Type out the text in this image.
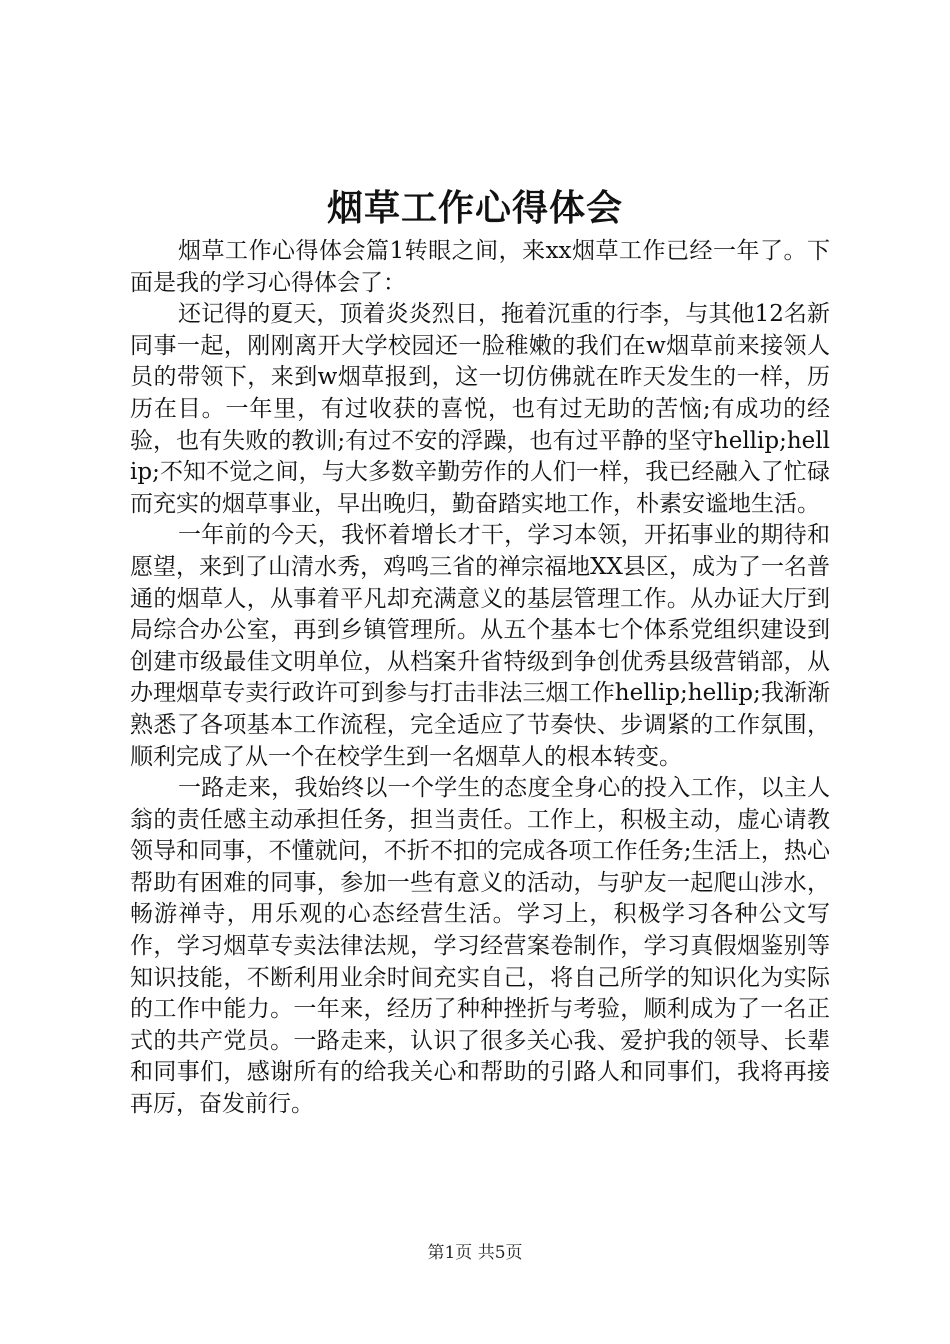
烟草工作心得体会

烟草工作心得体会篇1转眼之间，来xx烟草工作已经一年了。下面是我的学习心得体会了：

还记得的夏天，顶着炎炎烈日，拖着沉重的行李，与其他12名新同事一起，刚刚离开大学校园还一脸稚嫩的我们在w烟草前来接领人员的带领下，来到w烟草报到，这一切仿佛就在昨天发生的一样，历历在目。一年里，有过收获的喜悦，也有过无助的苦恼;有成功的经验，也有失败的教训;有过不安的浮躁，也有过平静的坚守hellip;hellip;不知不觉之间，与大多数辛勤劳作的人们一样，我已经融入了忙碌而充实的烟草事业，早出晚归，勤奋踏实地工作，朴素安谧地生活。

一年前的今天，我怀着增长才干，学习本领，开拓事业的期待和愿望，来到了山清水秀，鸡鸣三省的禅宗福地XX县区，成为了一名普通的烟草人，从事着平凡却充满意义的基层管理工作。从办证大厅到局综合办公室，再到乡镇管理所。从五个基本七个体系党组织建设到创建市级最佳文明单位，从档案升省特级到争创优秀县级营销部，从办理烟草专卖行政许可到参与打击非法三烟工作hellip;hellip;我渐渐熟悉了各项基本工作流程，完全适应了节奏快、步调紧的工作氛围，顺利完成了从一个在校学生到一名烟草人的根本转变。

一路走来，我始终以一个学生的态度全身心的投入工作，以主人翁的责任感主动承担任务，担当责任。工作上，积极主动，虚心请教领导和同事，不懂就问，不折不扣的完成各项工作任务;生活上，热心帮助有困难的同事，参加一些有意义的活动，与驴友一起爬山涉水，畅游禅寺，用乐观的心态经营生活。学习上，积极学习各种公文写作，学习烟草专卖法律法规，学习经营案卷制作，学习真假烟鉴别等知识技能，不断利用业余时间充实自己，将自己所学的知识化为实际的工作中能力。一年来，经历了种种挫折与考验，顺利成为了一名正式的共产党员。一路走来，认识了很多关心我、爱护我的领导、长辈和同事们，感谢所有的给我关心和帮助的引路人和同事们，我将再接再厉，奋发前行。

第1页 共5页
